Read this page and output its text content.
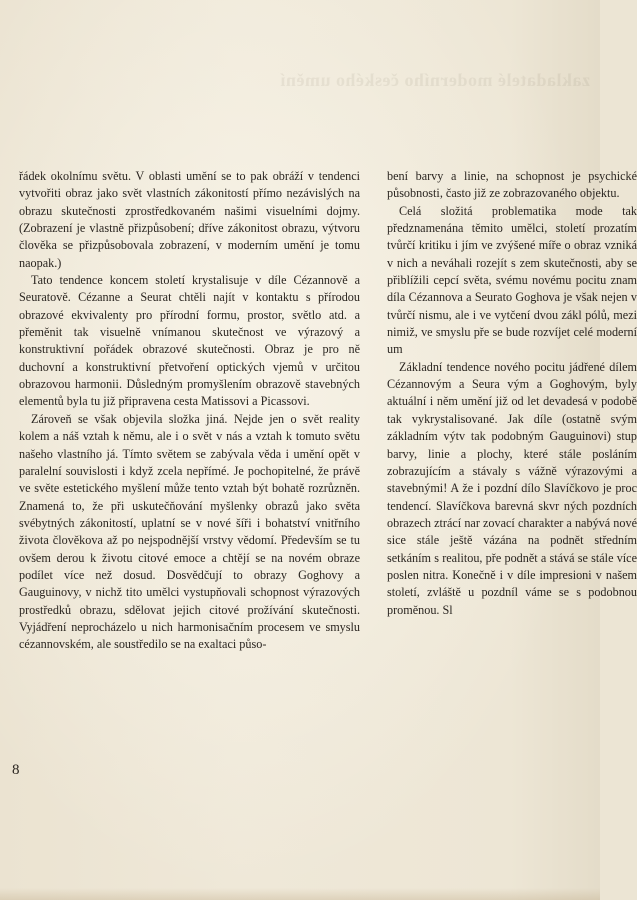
zakladatelé moderního českého umění

řádek okolnímu světu. V oblasti umění se to pak obráží v tendenci vytvořiti obraz jako svět vlastních zákonitostí přímo nezávislých na obrazu skutečnosti zprostředkovaném našimi visuelními dojmy. (Zobrazení je vlastně přizpůsobení; dříve zákonitost obrazu, výtvoru člověka se přizpůsobovala zobrazení, v moderním umění je tomu naopak.)

Tato tendence koncem století krystalisuje v díle Cézannově a Seuratově. Cézanne a Seurat chtěli najít v kontaktu s přírodou obrazové ekvivalenty pro přírodní formu, prostor, světlo atd. a přeměnit tak visuelně vnímanou skutečnost ve výrazový a konstruktivní pořádek obrazové skutečnosti. Obraz je pro ně duchovní a konstruktivní přetvoření optických vjemů v určitou obrazovou harmonii. Důsledným promyšlením obrazově stavebných elementů byla tu již připravena cesta Matissovi a Picassovi.

Zároveň se však objevila složka jiná. Nejde jen o svět reality kolem a náš vztah k němu, ale i o svět v nás a vztah k tomuto světu našeho vlastního já. Tímto světem se zabývala věda i umění opět v paralelní souvislosti i když zcela nepřímé. Je pochopitelné, že právě ve světe estetického myšlení může tento vztah být bohatě rozrůzněn. Znamená to, že při uskutečňování myšlenky obrazů jako světa svébytných zákonitostí, uplatní se v nové šíři i bohatství vnitřního života člověkova až po nejspodnější vrstvy vědomí. Především se tu ovšem derou k životu citové emoce a chtějí se na novém obraze podílet více než dosud. Dosvědčují to obrazy Goghovy a Gauguinovy, v nichž tito umělci vystupňovali schopnost výrazových prostředků obrazu, sdělovat jejich citové prožívání skutečnosti. Vyjádření neprocházelo u nich harmonisačním procesem ve smyslu cézannovském, ale soustředilo se na exaltaci půso-

bení barvy a linie, na schopnost je psychické působnosti, často již ze zobrazovaného objektu.

Celá složitá problematika mode tak předznamenána těmito umělci, století prozatím tvůrčí kritiku i jím ve zvýšené míře o obraz vzniká v nich a neváhali rozejít s zem skutečnosti, aby se přiblížili cepcí světa, svému novému pocitu znam díla Cézannova a Seurato Goghova je však nejen v tvůrčí nismu, ale i ve vytčení dvou zákl pólů, mezi nimiž, ve smyslu pře se bude rozvíjet celé moderní um

Základní tendence nového pocitu jádřené dílem Cézannovým a Seura vým a Goghovým, byly aktuální i něm umění již od let devadesá v podobě tak vykrystalisované. Jak díle (ostatně svým základním výtv tak podobným Gauguinovi) stup barvy, linie a plochy, které stále posláním zobrazujícím a stávaly s vážně výrazovými a stavebnými! A že i pozdní dílo Slavíčkovo je proc tendencí. Slavíčkova barevná skvr ných pozdních obrazech ztrácí nar zovací charakter a nabývá nové sice stále ještě vázána na podnět středním setkáním s realitou, pře podnět a stává se stále více poslen nitra. Konečně i v díle impresioni v našem století, zvláště u pozdníl váme se s podobnou proměnou. Sl

8
